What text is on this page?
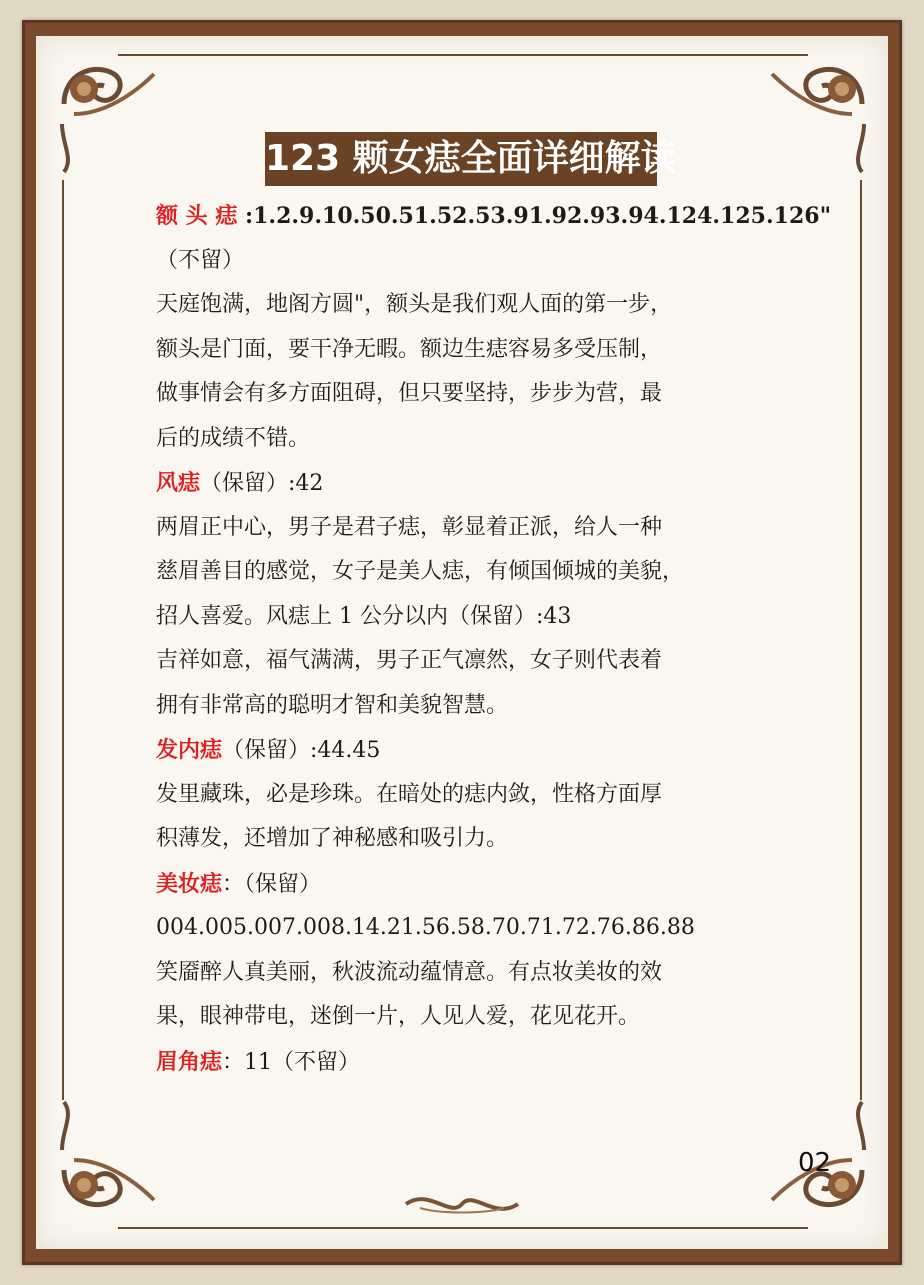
123 颗女痣全面详细解读
额 头 痣 :1.2.9.10.50.51.52.53.91.92.93.94.124.125.126"
（不留）
天庭饱满，地阁方圆"，额头是我们观人面的第一步，
额头是门面，要干净无暇。额边生痣容易多受压制，
做事情会有多方面阻碍，但只要坚持，步步为营，最
后的成绩不错。
风痣（保留）:42
两眉正中心，男子是君子痣，彰显着正派，给人一种
慈眉善目的感觉，女子是美人痣，有倾国倾城的美貌，
招人喜爱。风痣上 1 公分以内（保留）:43
吉祥如意，福气满满，男子正气凛然，女子则代表着
拥有非常高的聪明才智和美貌智慧。
发内痣（保留）:44.45
发里藏珠，必是珍珠。在暗处的痣内敛，性格方面厚
积薄发，还增加了神秘感和吸引力。
美妆痣：（保留）
004.005.007.008.14.21.56.58.70.71.72.76.86.88
笑靥醉人真美丽，秋波流动蕴情意。有点妆美妆的效
果，眼神带电，迷倒一片，人见人爱，花见花开。
眉角痣：11（不留）
02
